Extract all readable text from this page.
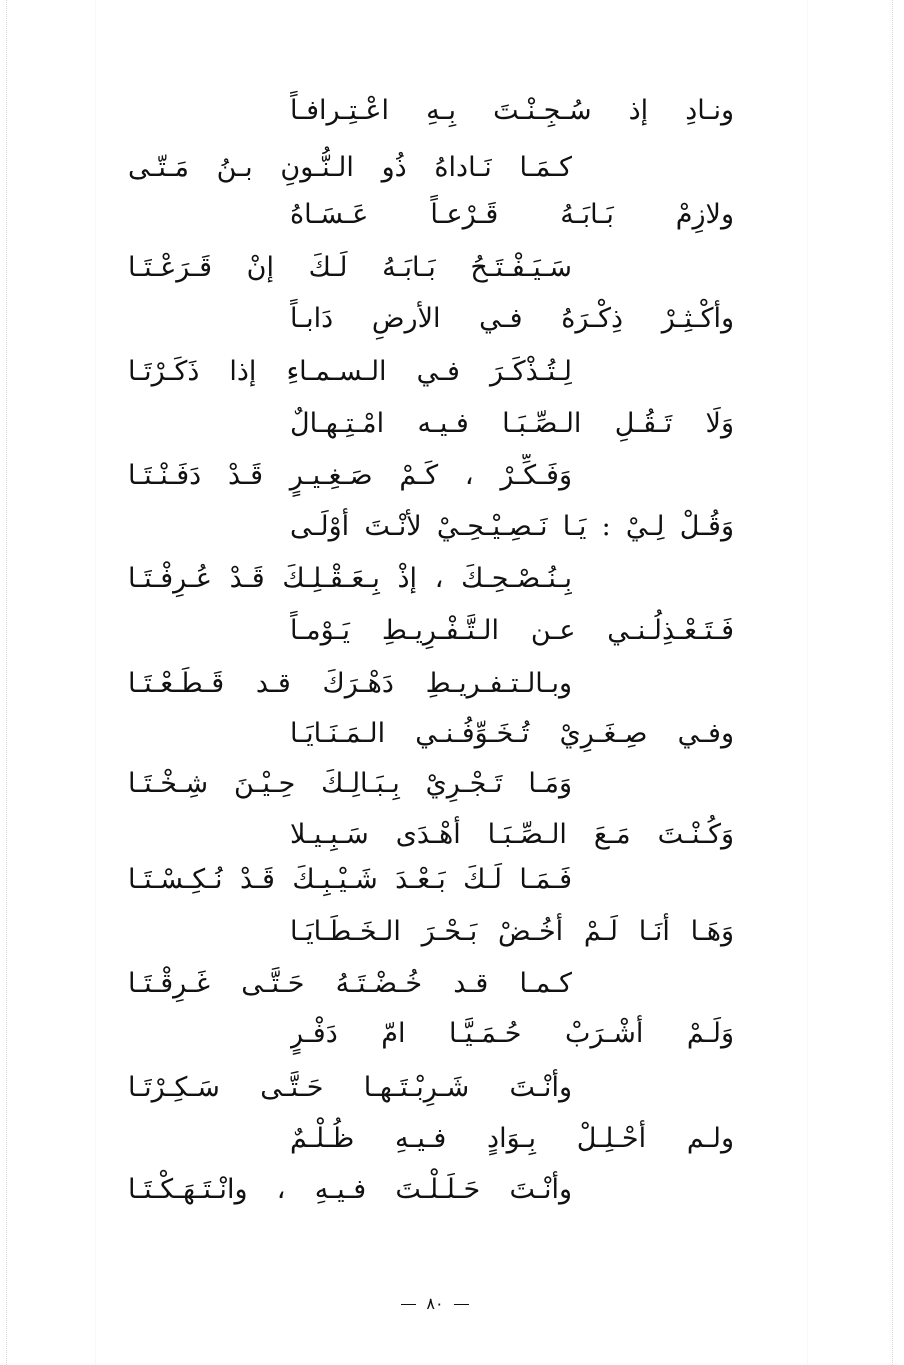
ونـادِ إذ سُـجِـنْـتَ بِـهِ اعْـتِـرافـاً
كـمَـا نَـاداهُ ذُو الـنُّـونِ بـنُ مَـتّـى
ولازِمْ بَـابَـهُ قَـرْعـاً عَـسَـاهُ
سَـيَـفْـتَـحُ بَـابَـهُ لَـكَ إنْ قَـرَعْـتَـا
وأكْـثِـرْ ذِكْـرَهُ فـي الأرضِ دَابـاً
لِـتُـذْكَـرَ فـي الـسـمـاءِ إذا ذَكَـرْتَـا
وَلَا تَـقُـلِ الـصِّـبَـا فـيـه امْـتِـهـالٌ
وَفَـكِّـرْ ، كَـمْ صَـغِـيـرٍ قَـدْ دَفَـنْـتَـا
وَقُـلْ لِـيْ : يَـا نَـصِـيْـحِـيْ لأنْـتَ أوْلَـى
بِـنُـصْـحِـكَ ، إذْ بِـعَـقْـلِـكَ قَـدْ عُـرِفْـتَـا
فَـتَـعْـذِلُـنـي عـن الـتَّـفْـرِيـطِ يَـوْمـاً
وبـالـتـفـريـطِ دَهْـرَكَ قـد قَـطَـعْـتَـا
وفـي صِـغَـرِيْ تُـخَـوِّفُـنـي الـمَـنَـايَـا
وَمَـا تَـجْـرِيْ بِـبَـالِـكَ حِـيْـنَ شِـخْـتَـا
وَكُـنْـتَ مَـعَ الـصِّـبَـا أهْـدَى سَـبِـيـلا
فَـمَـا لَـكَ بَـعْـدَ شَـيْـبِـكَ قَـدْ نُـكِـسْـتَـا
وَهَـا أنَـا لَـمْ أخُـضْ بَـحْـرَ الـخَـطَـايَـا
كـمـا قـد خُـضْـتَـهُ حَـتَّـى غَـرِقْـتَـا
وَلَـمْ أشْـرَبْ حُـمَـيَّـا امّ دَفْـرٍ
وأنْـتَ شَـرِبْـتَـهـا حَـتَّـى سَـكِـرْتَـا
ولـم أحْـلِـلْ بِـوَادٍ فـيـهِ ظُـلْـمٌ
وأنْـتَ حَـلَـلْـتَ فـيـهِ ، وانْـتَـهَـكْـتَـا
٨٠
